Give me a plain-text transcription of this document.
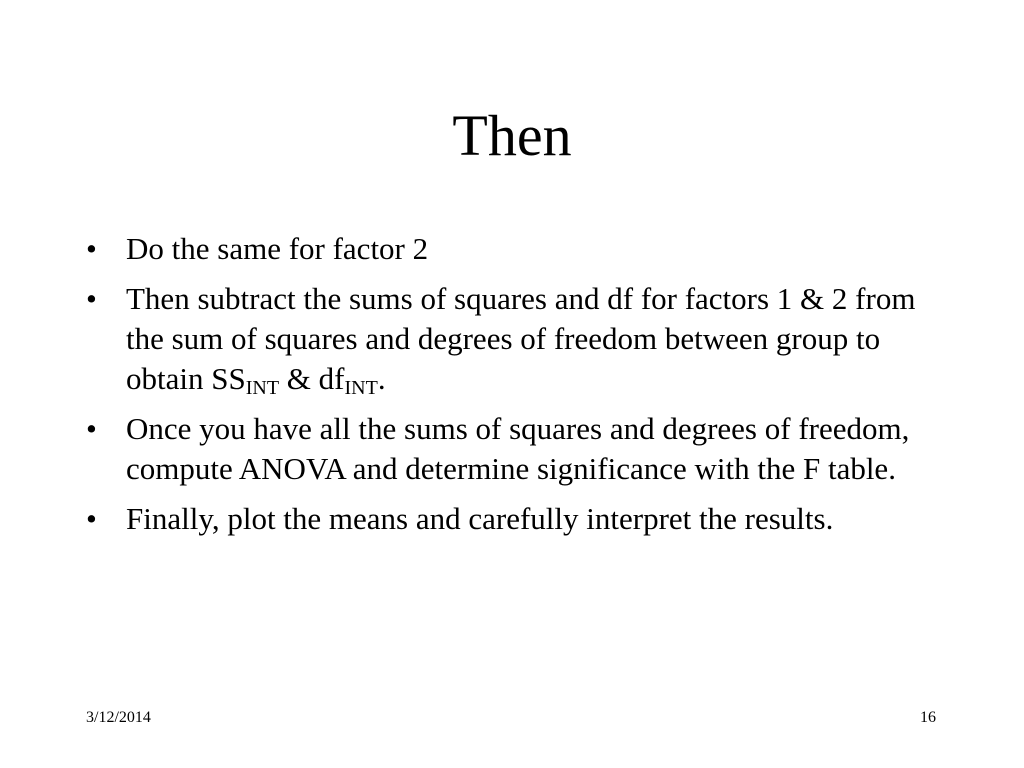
Then
• Do the same for factor 2
• Then subtract the sums of squares and df for factors 1 & 2 from the sum of squares and degrees of freedom between group to obtain $SS_{INT}$ & $df_{INT}$.
• Once you have all the sums of squares and degrees of freedom, compute ANOVA and determine significance with the F table.
• Finally, plot the means and carefully interpret the results.
3/12/2014	16
